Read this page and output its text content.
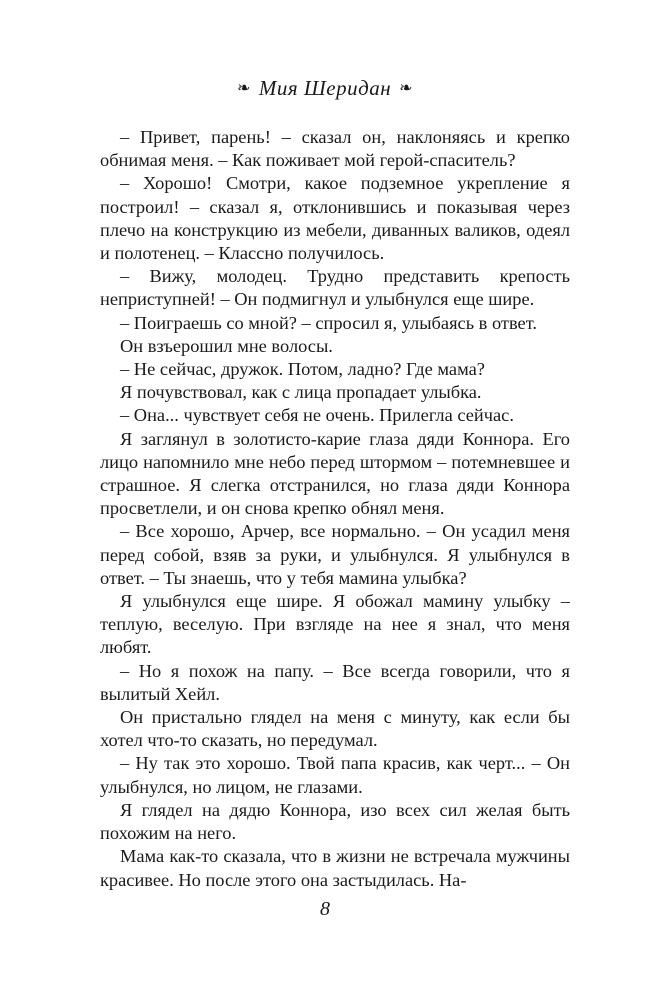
❧ Мия Шеридан ❧

– Привет, парень! – сказал он, наклоняясь и крепко обнимая меня. – Как поживает мой герой-спаситель?

– Хорошо! Смотри, какое подземное укрепление я построил! – сказал я, отклонившись и показывая через плечо на конструкцию из мебели, диванных валиков, одеял и полотенец. – Классно получилось.

– Вижу, молодец. Трудно представить крепость неприступней! – Он подмигнул и улыбнулся еще шире.

– Поиграешь со мной? – спросил я, улыбаясь в ответ.

Он взъерошил мне волосы.

– Не сейчас, дружок. Потом, ладно? Где мама?

Я почувствовал, как с лица пропадает улыбка.

– Она... чувствует себя не очень. Прилегла сейчас.

Я заглянул в золотисто-карие глаза дяди Коннора. Его лицо напомнило мне небо перед штормом – потемневшее и страшное. Я слегка отстранился, но глаза дяди Коннора просветлели, и он снова крепко обнял меня.

– Все хорошо, Арчер, все нормально. – Он усадил меня перед собой, взяв за руки, и улыбнулся. Я улыбнулся в ответ. – Ты знаешь, что у тебя мамина улыбка?

Я улыбнулся еще шире. Я обожал мамину улыбку – теплую, веселую. При взгляде на нее я знал, что меня любят.

– Но я похож на папу. – Все всегда говорили, что я вылитый Хейл.

Он пристально глядел на меня с минуту, как если бы хотел что-то сказать, но передумал.

– Ну так это хорошо. Твой папа красив, как черт... – Он улыбнулся, но лицом, не глазами.

Я глядел на дядю Коннора, изо всех сил желая быть похожим на него.

Мама как-то сказала, что в жизни не встречала мужчины красивее. Но после этого она застыдилась. На-

8
